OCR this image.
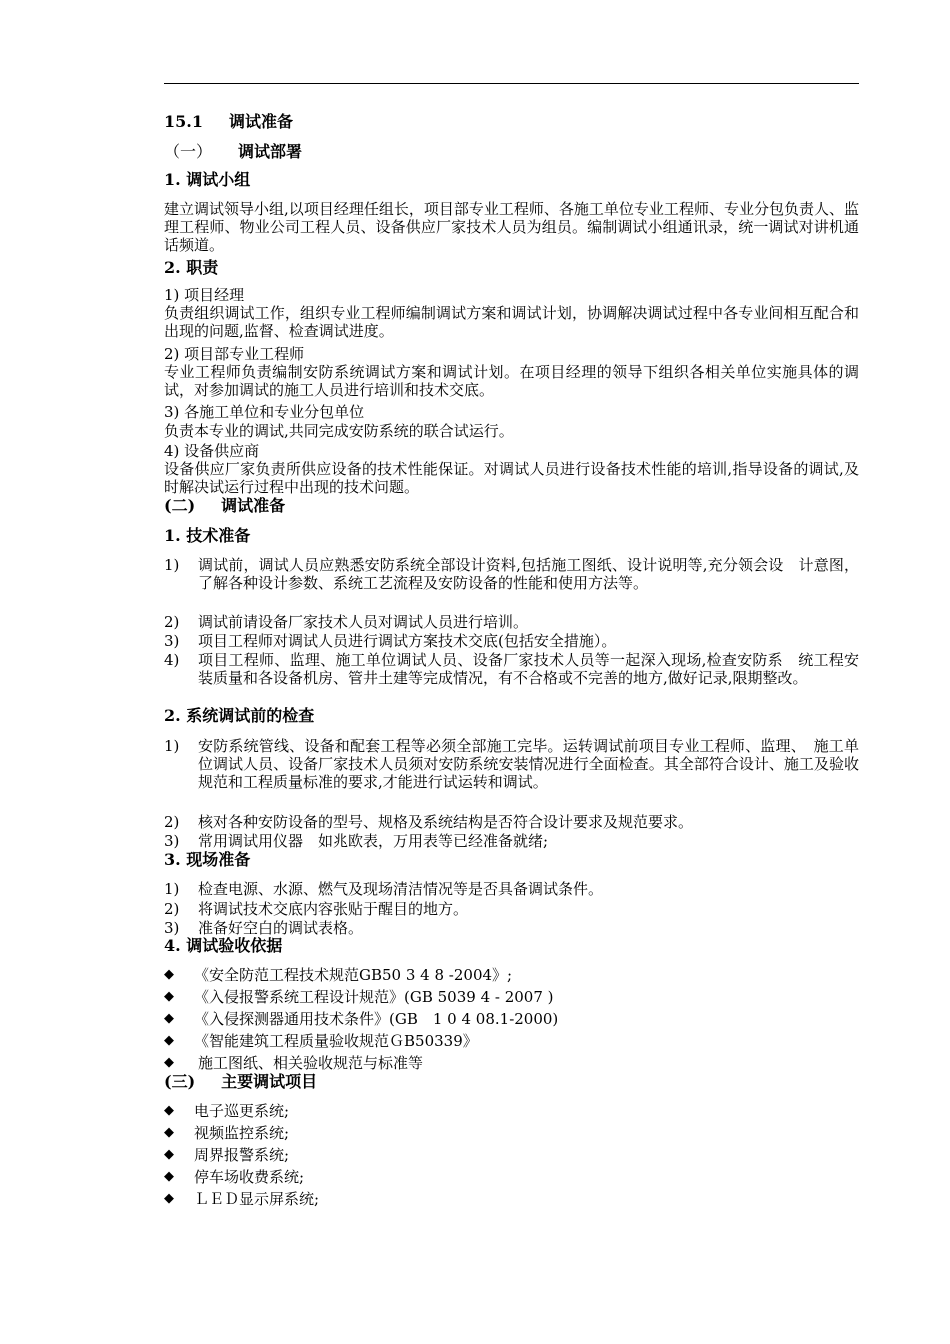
15.1 调试准备
（一） 调试部署
1. 调试小组
建立调试领导小组,以项目经理任组长，项目部专业工程师、各施工单位专业工程师、专业分包负责人、监理工程师、物业公司工程人员、设备供应厂家技术人员为组员。编制调试小组通讯录，统一调试对讲机通话频道。
2. 职责
1) 项目经理
负责组织调试工作，组织专业工程师编制调试方案和调试计划，协调解决调试过程中各专业间相互配合和出现的问题,监督、检查调试进度。
2) 项目部专业工程师
专业工程师负责编制安防系统调试方案和调试计划。在项目经理的领导下组织各相关单位实施具体的调试，对参加调试的施工人员进行培训和技术交底。
3) 各施工单位和专业分包单位
负责本专业的调试,共同完成安防系统的联合试运行。
4) 设备供应商
设备供应厂家负责所供应设备的技术性能保证。对调试人员进行设备技术性能的培训,指导设备的调试,及时解决试运行过程中出现的技术问题。
(二) 调试准备
1. 技术准备
1) 调试前，调试人员应熟悉安防系统全部设计资料,包括施工图纸、设计说明等,充分领会设　计意图，了解各种设计参数、系统工艺流程及安防设备的性能和使用方法等。
2) 调试前请设备厂家技术人员对调试人员进行培训。
3) 项目工程师对调试人员进行调试方案技术交底(包括安全措施）。
4) 项目工程师、监理、施工单位调试人员、设备厂家技术人员等一起深入现场,检查安防系　统工程安装质量和各设备机房、管井土建等完成情况，有不合格或不完善的地方,做好记录,限期整改。
2. 系统调试前的检查
1) 安防系统管线、设备和配套工程等必须全部施工完毕。运转调试前项目专业工程师、监理、　施工单位调试人员、设备厂家技术人员须对安防系统安装情况进行全面检查。其全部符合设计、施工及验收规范和工程质量标准的要求,才能进行试运转和调试。
2) 核对各种安防设备的型号、规格及系统结构是否符合设计要求及规范要求。
3) 常用调试用仪器　如兆欧表，万用表等已经准备就绪;
3. 现场准备
1) 检查电源、水源、燃气及现场清洁情况等是否具备调试条件。
2) 将调试技术交底内容张贴于醒目的地方。
3) 准备好空白的调试表格。
4. 调试验收依据
◆ 《安全防范工程技术规范GB50 3 4 8 -2004》;
◆ 《入侵报警系统工程设计规范》(GB 5039 4 - 2007 )
◆ 《入侵探测器通用技术条件》(GB　1 0 4 08.1-2000)
◆ 《智能建筑工程质量验收规范ＧB50339》
◆ 施工图纸、相关验收规范与标准等
(三) 主要调试项目
◆ 电子巡更系统;
◆ 视频监控系统;
◆ 周界报警系统;
◆ 停车场收费系统;
◆ ＬＥＤ显示屏系统;
